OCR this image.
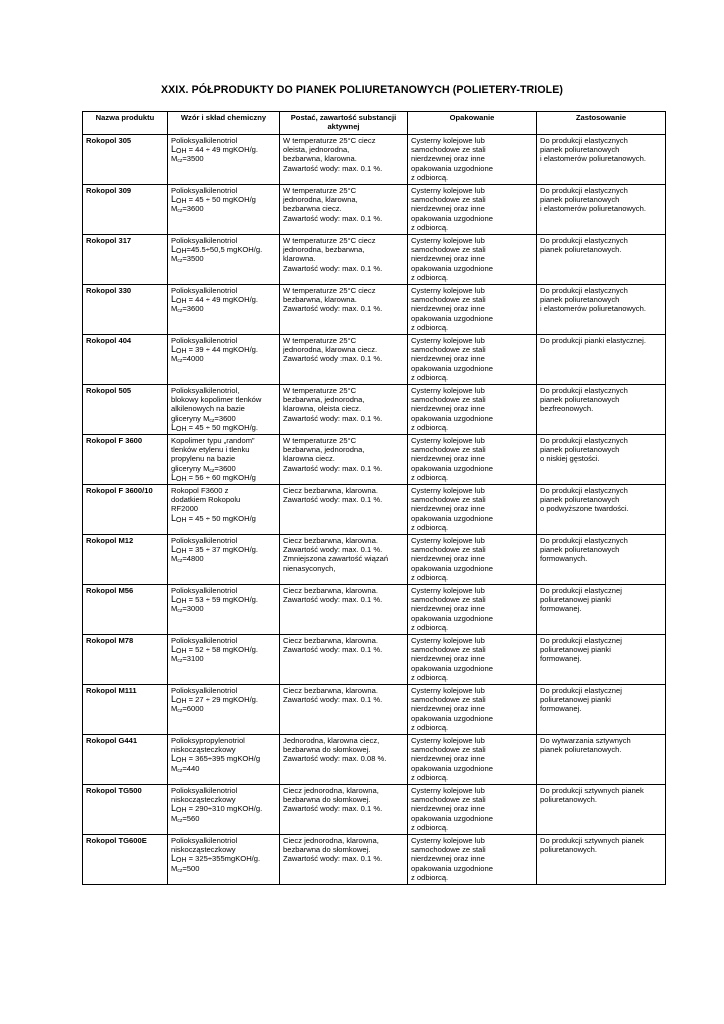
XXIX. PÓŁPRODUKTY DO PIANEK POLIURETANOWYCH (POLIETERY-TRIOLE)
Nazwa produktu	Wzór i skład chemiczny	Postać, zawartość substancji aktywnej	Opakowanie	Zastosowanie
Rokopol 305	Polioksyalkilenotriol
$L_{OH} = 44 \div 49$ mgKOH/g.
$M_{cz}=3500$	W temperaturze 25°C ciecz
oleista, jednorodna,
bezbarwna, klarowna.
Zawartość wody: max. 0.1 %.	Cysterny kolejowe lub
samochodowe ze stali
nierdzewnej oraz inne
opakowania uzgodnione
z odbiorcą.	Do produkcji elastycznych
pianek poliuretanowych
i elastomerów poliuretanowych.

Rokopol 309	Polioksyalkilenotriol
$L_{OH} = 45 \div 50$ mgKOH/g
$M_{cz}=3600$	W temperaturze 25°C
jednorodna, klarowna,
bezbarwna ciecz.
Zawartość wody: max. 0.1 %.	Cysterny kolejowe lub
samochodowe ze stali
nierdzewnej oraz inne
opakowania uzgodnione
z odbiorcą.	Do produkcji elastycznych
pianek poliuretanowych
i elastomerów poliuretanowych.

Rokopol 317	Polioksyalkilenotriol
$L_{OH}=45.5\div 50,5$ mgKOH/g.
$M_{cz}=3500$	W temperaturze 25°C ciecz
jednorodna, bezbarwna,
klarowna.
Zawartość wody: max. 0.1 %.	Cysterny kolejowe lub
samochodowe ze stali
nierdzewnej oraz inne
opakowania uzgodnione
z odbiorcą.	Do produkcji elastycznych
pianek poliuretanowych.

Rokopol 330	Polioksyalkilenotriol
$L_{OH} = 44 \div 49$ mgKOH/g.
$M_{cz}=3600$	W temperaturze 25°C ciecz
bezbarwna, klarowna.
Zawartość wody: max. 0.1 %.	Cysterny kolejowe lub
samochodowe ze stali
nierdzewnej oraz inne
opakowania uzgodnione
z odbiorcą.	Do produkcji elastycznych
pianek poliuretanowych
i elastomerów poliuretanowych.

Rokopol 404	Polioksyalkilenotriol
$L_{OH} = 39 \div 44$ mgKOH/g.
$M_{cz}=4000$	W temperaturze 25°C
jednorodna, klarowna ciecz.
Zawartość wody :max. 0.1 %.	Cysterny kolejowe lub
samochodowe ze stali
nierdzewnej oraz inne
opakowania uzgodnione
z odbiorcą.	Do produkcji pianki elastycznej.

Rokopol 505	Polioksyalkilenotriol,
blokowy kopolimer tlenków
alkilenowych na bazie
gliceryny $M_{cz}=3600$
$L_{OH} = 45 \div 50$ mgKOH/g.	W temperaturze 25°C
bezbarwna, jednorodna,
klarowna, oleista ciecz.
Zawartość wody: max. 0.1 %.	Cysterny kolejowe lub
samochodowe ze stali
nierdzewnej oraz inne
opakowania uzgodnione
z odbiorcą.	Do produkcji elastycznych
pianek poliuretanowych
bezfreonowych.

Rokopol F 3600	Kopolimer typu „random”
tlenków etylenu i tlenku
propylenu na bazie
gliceryny $M_{cz}=3600$
$L_{OH} = 56 \div 60$ mgKOH/g	W temperaturze 25°C
bezbarwna, jednorodna,
klarowna ciecz.
Zawartość wody: max. 0.1 %.	Cysterny kolejowe lub
samochodowe ze stali
nierdzewnej oraz inne
opakowania uzgodnione
z odbiorcą.	Do produkcji elastycznych
pianek poliuretanowych
o niskiej gęstości.

Rokopol F 3600/10	Rokopol F3600 z
dodatkiem Rokopolu
RF2000
$L_{OH} = 45 \div 50$ mgKOH/g	Ciecz bezbarwna, klarowna.
Zawartość wody: max. 0.1 %.	Cysterny kolejowe lub
samochodowe ze stali
nierdzewnej oraz inne
opakowania uzgodnione
z odbiorcą.	Do produkcji elastycznych
pianek poliuretanowych
o podwyższone twardości.

Rokopol M12	Polioksyalkilenotriol
$L_{OH} = 35 \div 37$ mgKOH/g.
$M_{cz}=4800$	Ciecz bezbarwna, klarowna.
Zawartość wody: max. 0.1 %.
Zmniejszona zawartość wiązań
nienasyconych,	Cysterny kolejowe lub
samochodowe ze stali
nierdzewnej oraz inne
opakowania uzgodnione
z odbiorcą.	Do produkcji elastycznych
pianek poliuretanowych
formowanych.

Rokopol M56	Polioksyalkilenotriol
$L_{OH} = 53 \div 59$ mgKOH/g.
$M_{cz}=3000$	Ciecz bezbarwna, klarowna.
Zawartość wody: max. 0.1 %.	Cysterny kolejowe lub
samochodowe ze stali
nierdzewnej oraz inne
opakowania uzgodnione
z odbiorcą.	Do produkcji elastycznej
poliuretanowej pianki
formowanej.

Rokopol M78	Polioksyalkilenotriol
$L_{OH} = 52 \div 58$ mgKOH/g.
$M_{cz}=3100$	Ciecz bezbarwna, klarowna.
Zawartość wody: max. 0.1 %.	Cysterny kolejowe lub
samochodowe ze stali
nierdzewnej oraz inne
opakowania uzgodnione
z odbiorcą.	Do produkcji elastycznej
poliuretanowej pianki
formowanej.

Rokopol M111	Polioksyalkilenotriol
$L_{OH} = 27 \div 29$ mgKOH/g.
$M_{cz}=6000$	Ciecz bezbarwna, klarowna.
Zawartość wody: max. 0.1 %.	Cysterny kolejowe lub
samochodowe ze stali
nierdzewnej oraz inne
opakowania uzgodnione
z odbiorcą.	Do produkcji elastycznej
poliuretanowej pianki
formowanej.

Rokopol G441	Polioksypropylenotriol
niskocząsteczkowy
$L_{OH} = 365\div 395$ mgKOH/g
$M_{cz}=440$	Jednorodna, klarowna ciecz,
bezbarwna do słomkowej.
Zawartość wody: max. 0.08 %.	Cysterny kolejowe lub
samochodowe ze stali
nierdzewnej oraz inne
opakowania uzgodnione
z odbiorcą.	Do wytwarzania sztywnych
pianek poliuretanowych.

Rokopol TG500	Polioksyalkilenotriol
niskocząsteczkowy
$L_{OH} = 290\div 310$ mgKOH/g.
$M_{cz}=560$	Ciecz jednorodna, klarowna,
bezbarwna do słomkowej.
Zawartość wody: max. 0.1 %.	Cysterny kolejowe lub
samochodowe ze stali
nierdzewnej oraz inne
opakowania uzgodnione
z odbiorcą.	Do produkcji sztywnych pianek
poliuretanowych.

Rokopol TG600E	Polioksyalkilenotriol
niskocząsteczkowy
$L_{OH}$ = 325÷355mgKOH/g.
$M_{cz}=500$	Ciecz jednorodna, klarowna,
bezbarwna do słomkowej.
Zawartość wody: max. 0.1 %.	Cysterny kolejowe lub
samochodowe ze stali
nierdzewnej oraz inne
opakowania uzgodnione
z odbiorcą.	Do produkcji sztywnych pianek
poliuretanowych.
